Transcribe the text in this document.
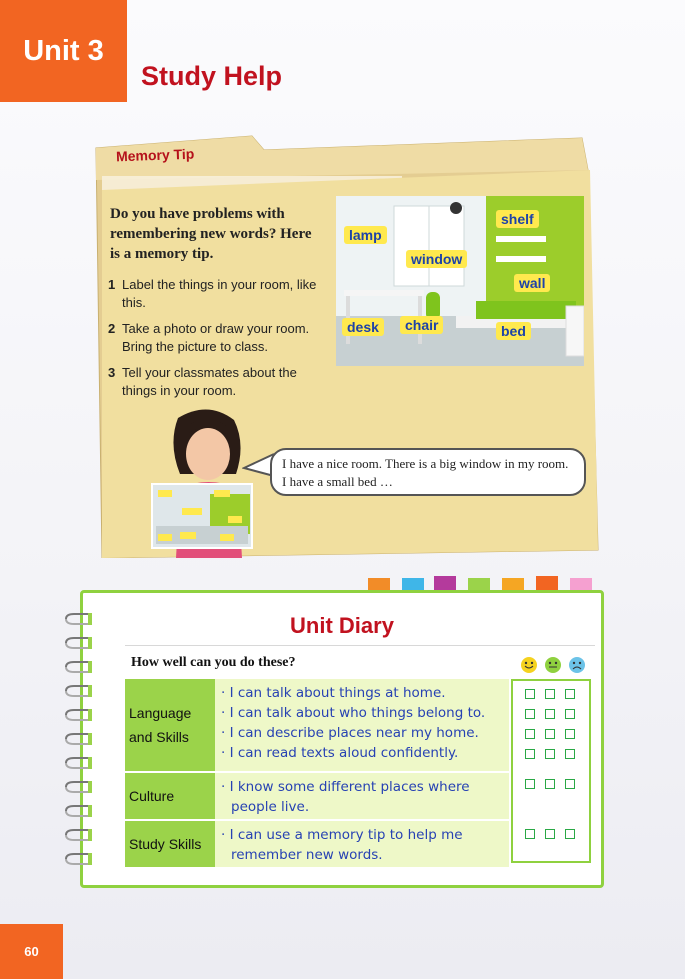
Unit 3
Study Help
Memory Tip
Do you have problems with remembering new words? Here is a memory tip.
1 Label the things in your room, like this.
2 Take a photo or draw your room. Bring the picture to class.
3 Tell your classmates about the things in your room.
lamp
shelf
window
wall
desk	chair	bed
I have a nice room. There is a big window in my room. I have a small bed …
Unit Diary
How well can you do these?
Language and Skills
· I can talk about things at home.
· I can talk about who things belong to.
· I can describe places near my home.
· I can read texts aloud confidently.
Culture
· I know some different places where people live.
Study Skills
· I can use a memory tip to help me remember new words.
60
